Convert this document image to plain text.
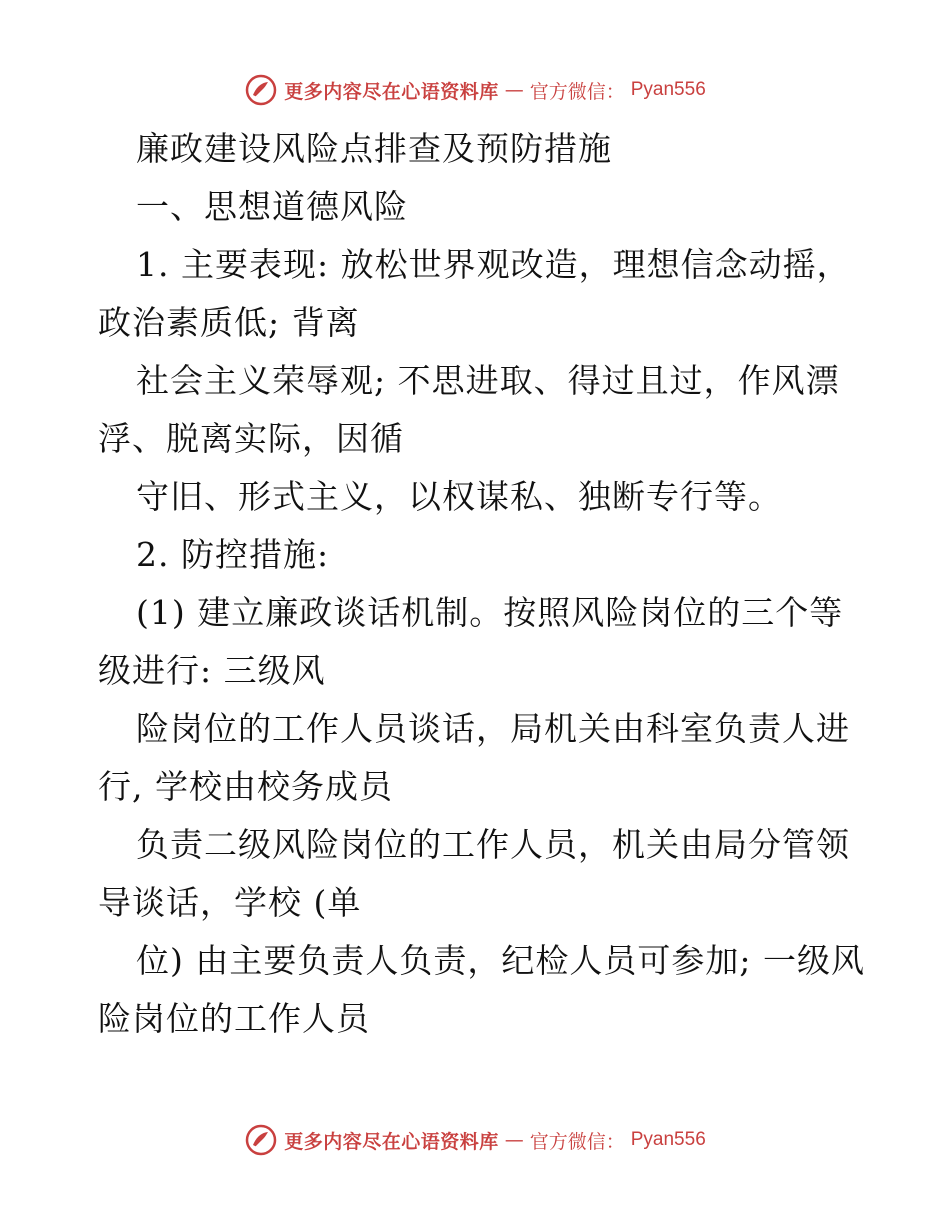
更多内容尽在心语资料库 — 官方微信： Pyan556
廉政建设风险点排查及预防措施
一、思想道德风险
1. 主要表现: 放松世界观改造，理想信念动摇，
政治素质低; 背离
社会主义荣辱观; 不思进取、得过且过，作风漂
浮、脱离实际，因循
守旧、形式主义，以权谋私、独断专行等。
2. 防控措施:
(1) 建立廉政谈话机制。按照风险岗位的三个等
级进行: 三级风
险岗位的工作人员谈话，局机关由科室负责人进
行, 学校由校务成员
负责二级风险岗位的工作人员，机关由局分管领
导谈话，学校 (单
位) 由主要负责人负责，纪检人员可参加; 一级风
险岗位的工作人员
更多内容尽在心语资料库 — 官方微信： Pyan556
